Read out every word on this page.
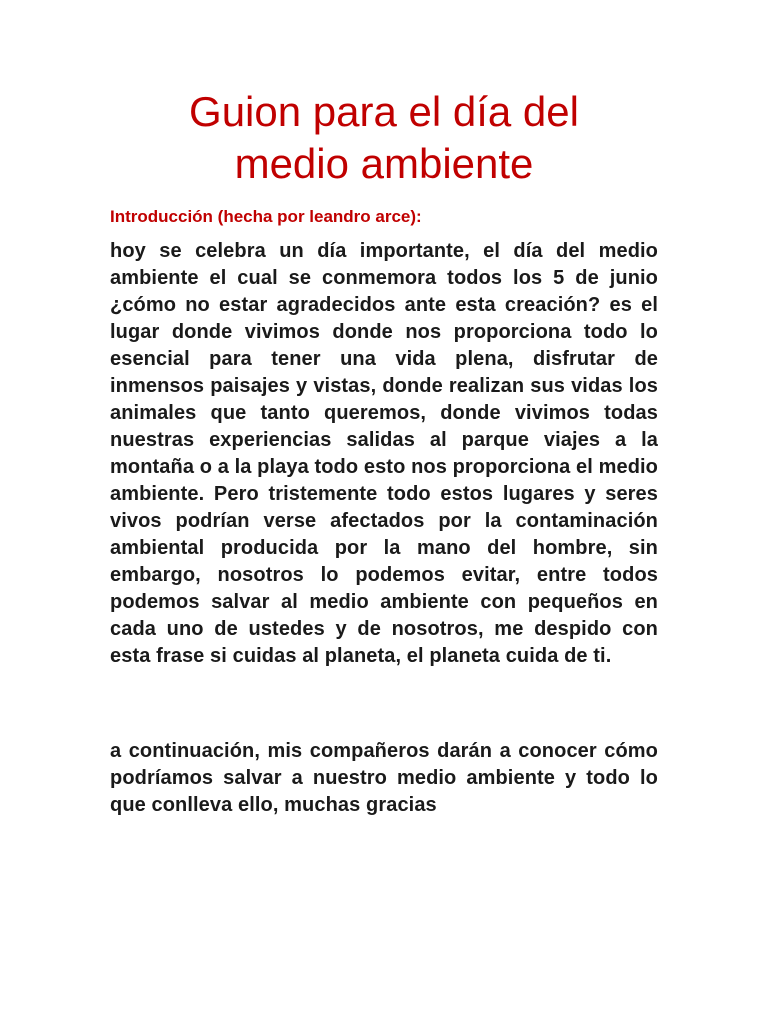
Guion para el día del
medio ambiente

Introducción (hecha por leandro arce):

hoy se celebra un día importante, el día del medio ambiente el cual se conmemora todos los 5 de junio ¿cómo no estar agradecidos ante esta creación? es el lugar donde vivimos donde nos proporciona todo lo esencial para tener una vida plena, disfrutar de inmensos paisajes y vistas, donde realizan sus vidas los animales que tanto queremos, donde vivimos todas nuestras experiencias salidas al parque viajes a la montaña o a la playa todo esto nos proporciona el medio ambiente. Pero tristemente todo estos lugares y seres vivos podrían verse afectados por la contaminación ambiental producida por la mano del hombre, sin embargo, nosotros lo podemos evitar, entre todos podemos salvar al medio ambiente con pequeños en cada uno de ustedes y de nosotros, me despido con esta frase si cuidas al planeta, el planeta cuida de ti.

a continuación, mis compañeros darán a conocer cómo podríamos salvar a nuestro medio ambiente y todo lo que conlleva ello, muchas gracias
